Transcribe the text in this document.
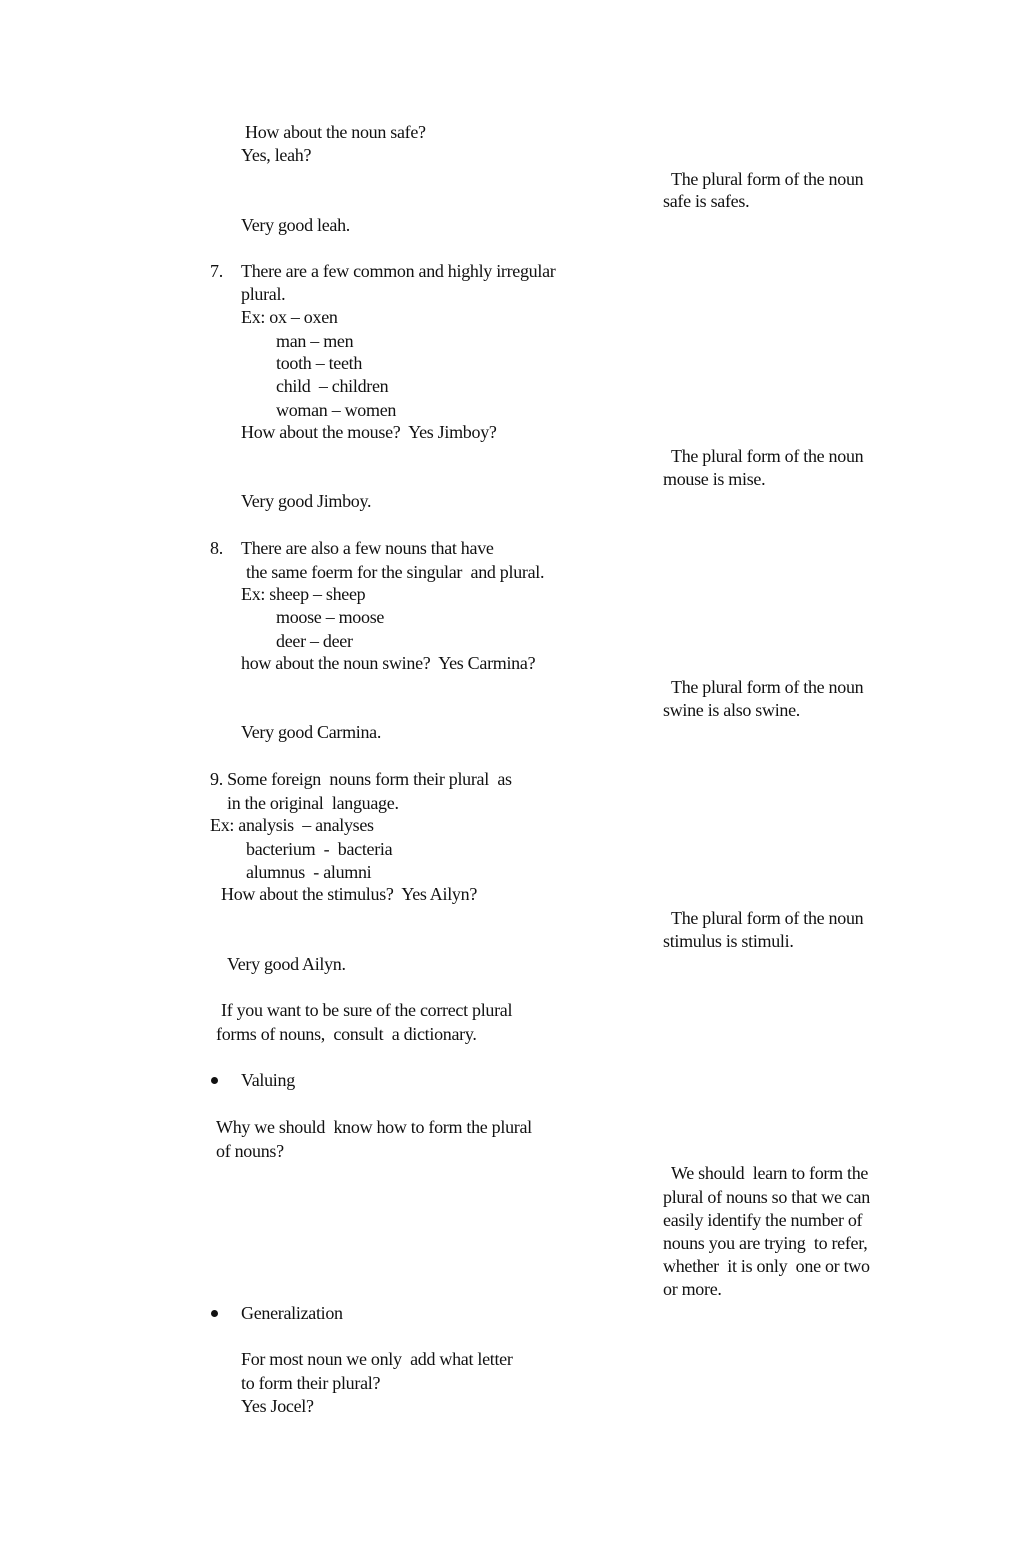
How about the noun safe?
Yes, leah?
The plural form of the noun
safe is safes.
Very good leah.
7. There are a few common and highly irregular
plural.
Ex: ox – oxen
man – men
tooth – teeth
child  – children
woman – women
How about the mouse?  Yes Jimboy?
The plural form of the noun
mouse is mise.
Very good Jimboy.
8. There are also a few nouns that have
the same foerm for the singular  and plural.
Ex: sheep – sheep
moose – moose
deer – deer
how about the noun swine?  Yes Carmina?
The plural form of the noun
swine is also swine.
Very good Carmina.
9. Some foreign  nouns form their plural  as
in the original  language.
Ex: analysis  – analyses
bacterium  -  bacteria
alumnus  - alumni
How about the stimulus?  Yes Ailyn?
The plural form of the noun
stimulus is stimuli.
Very good Ailyn.
If you want to be sure of the correct plural
forms of nouns,  consult  a dictionary.
Valuing
Why we should  know how to form the plural
of nouns?
We should  learn to form the
plural of nouns so that we can
easily identify the number of
nouns you are trying  to refer,
whether  it is only  one or two
or more.
Generalization
For most noun we only  add what letter
to form their plural?
Yes Jocel?
